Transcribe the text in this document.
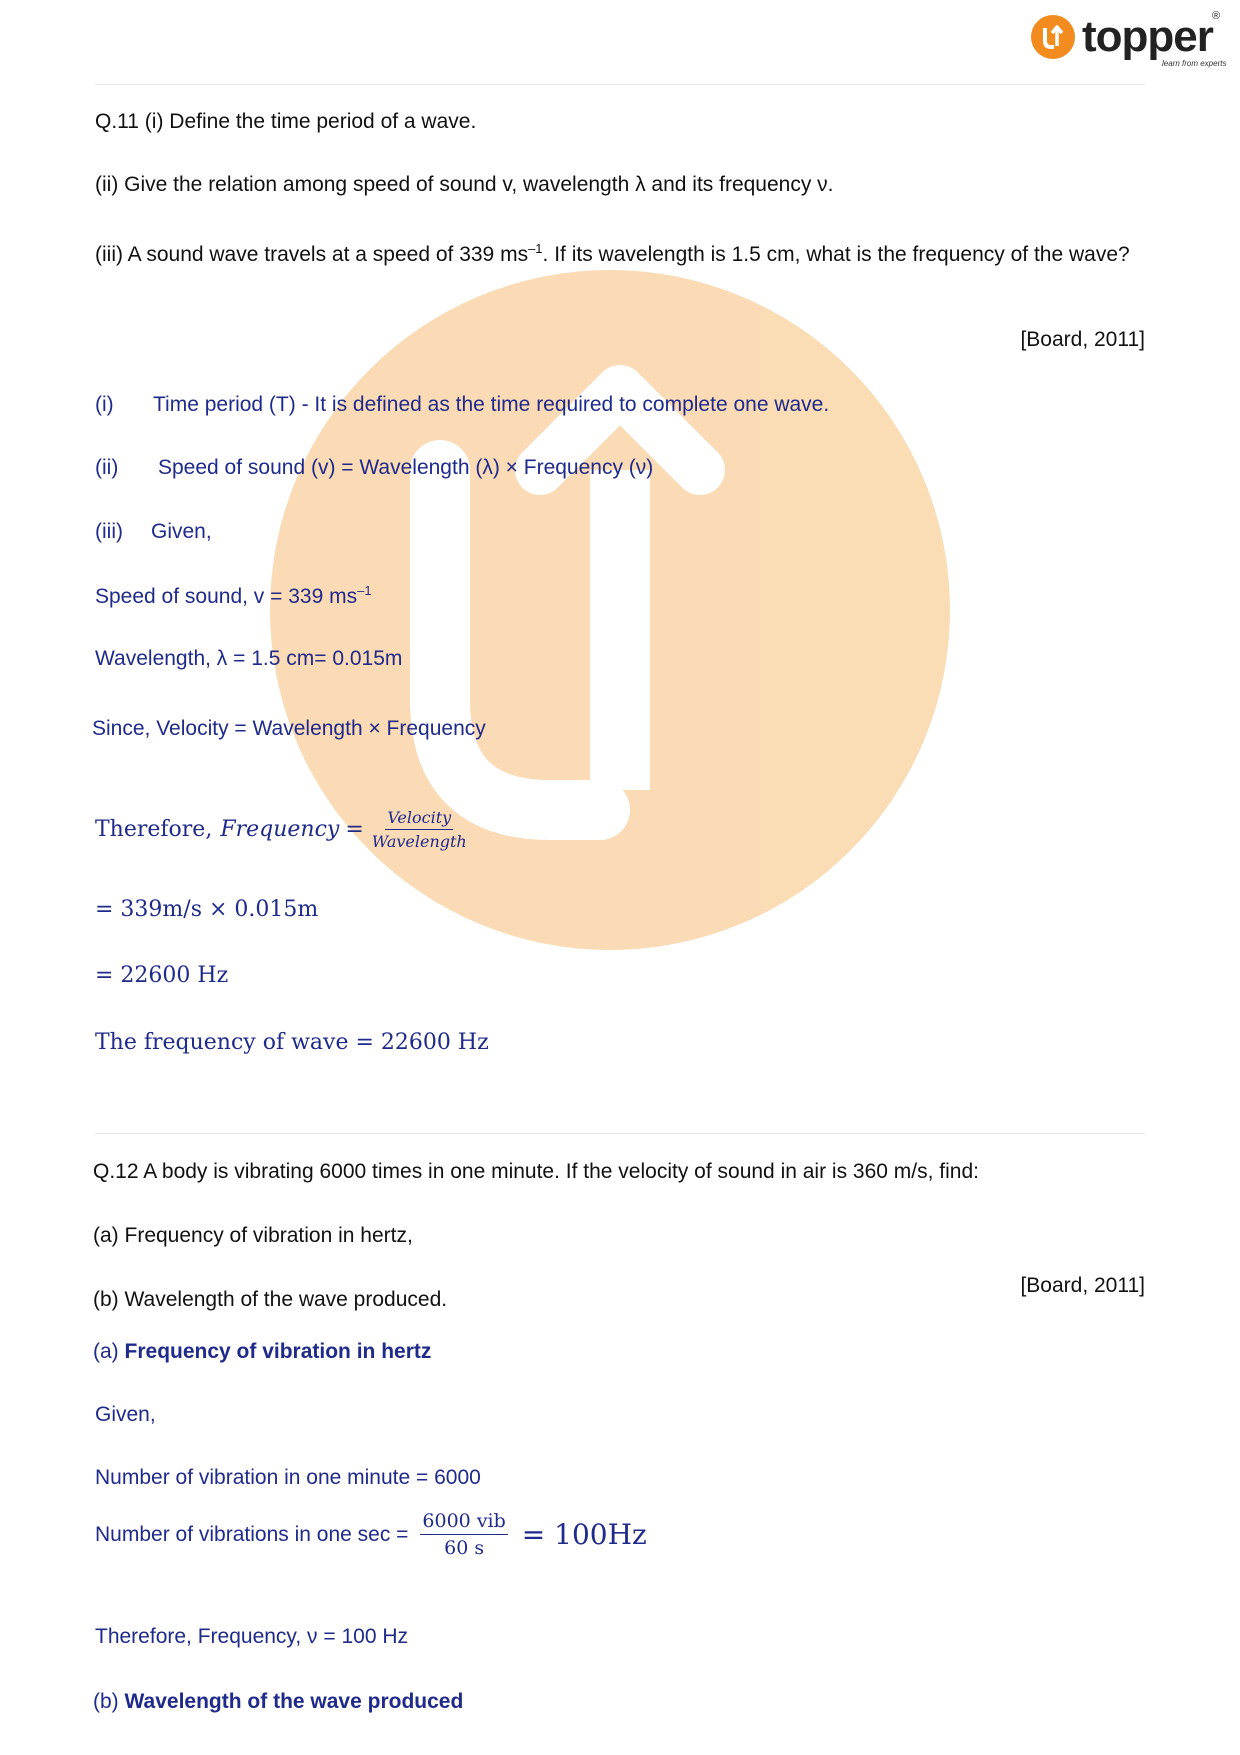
topper ®
learn from experts
Q.11 (i) Define the time period of a wave.
(ii) Give the relation among speed of sound v, wavelength λ and its frequency ν.
(iii) A sound wave travels at a speed of 339 $ms^{-1}$. If its wavelength is 1.5 cm, what is the frequency of the wave?
[Board, 2011]
(i) Time period (T) - It is defined as the time required to complete one wave.
(ii) Speed of sound (v) = Wavelength (λ) × Frequency (ν)
(iii) Given,
Speed of sound, v = 339 $ms^{-1}$
Wavelength, λ = 1.5 cm= 0.015m
Since, Velocity = Wavelength × Frequency
Therefore, Frequency = $\frac{\text{Velocity}}{\text{Wavelength}}$
= 339m/s × 0.015m
= 22600 Hz
The frequency of wave = 22600 Hz
Q.12 A body is vibrating 6000 times in one minute. If the velocity of sound in air is 360 m/s, find:
(a) Frequency of vibration in hertz,
(b) Wavelength of the wave produced.
[Board, 2011]
(a) Frequency of vibration in hertz
Given,
Number of vibration in one minute = 6000
Number of vibrations in one $\sec = \frac{\text{6000 vib}}{60 s} = 100Hz$
Therefore, Frequency, ν = 100 Hz
(b) Wavelength of the wave produced
